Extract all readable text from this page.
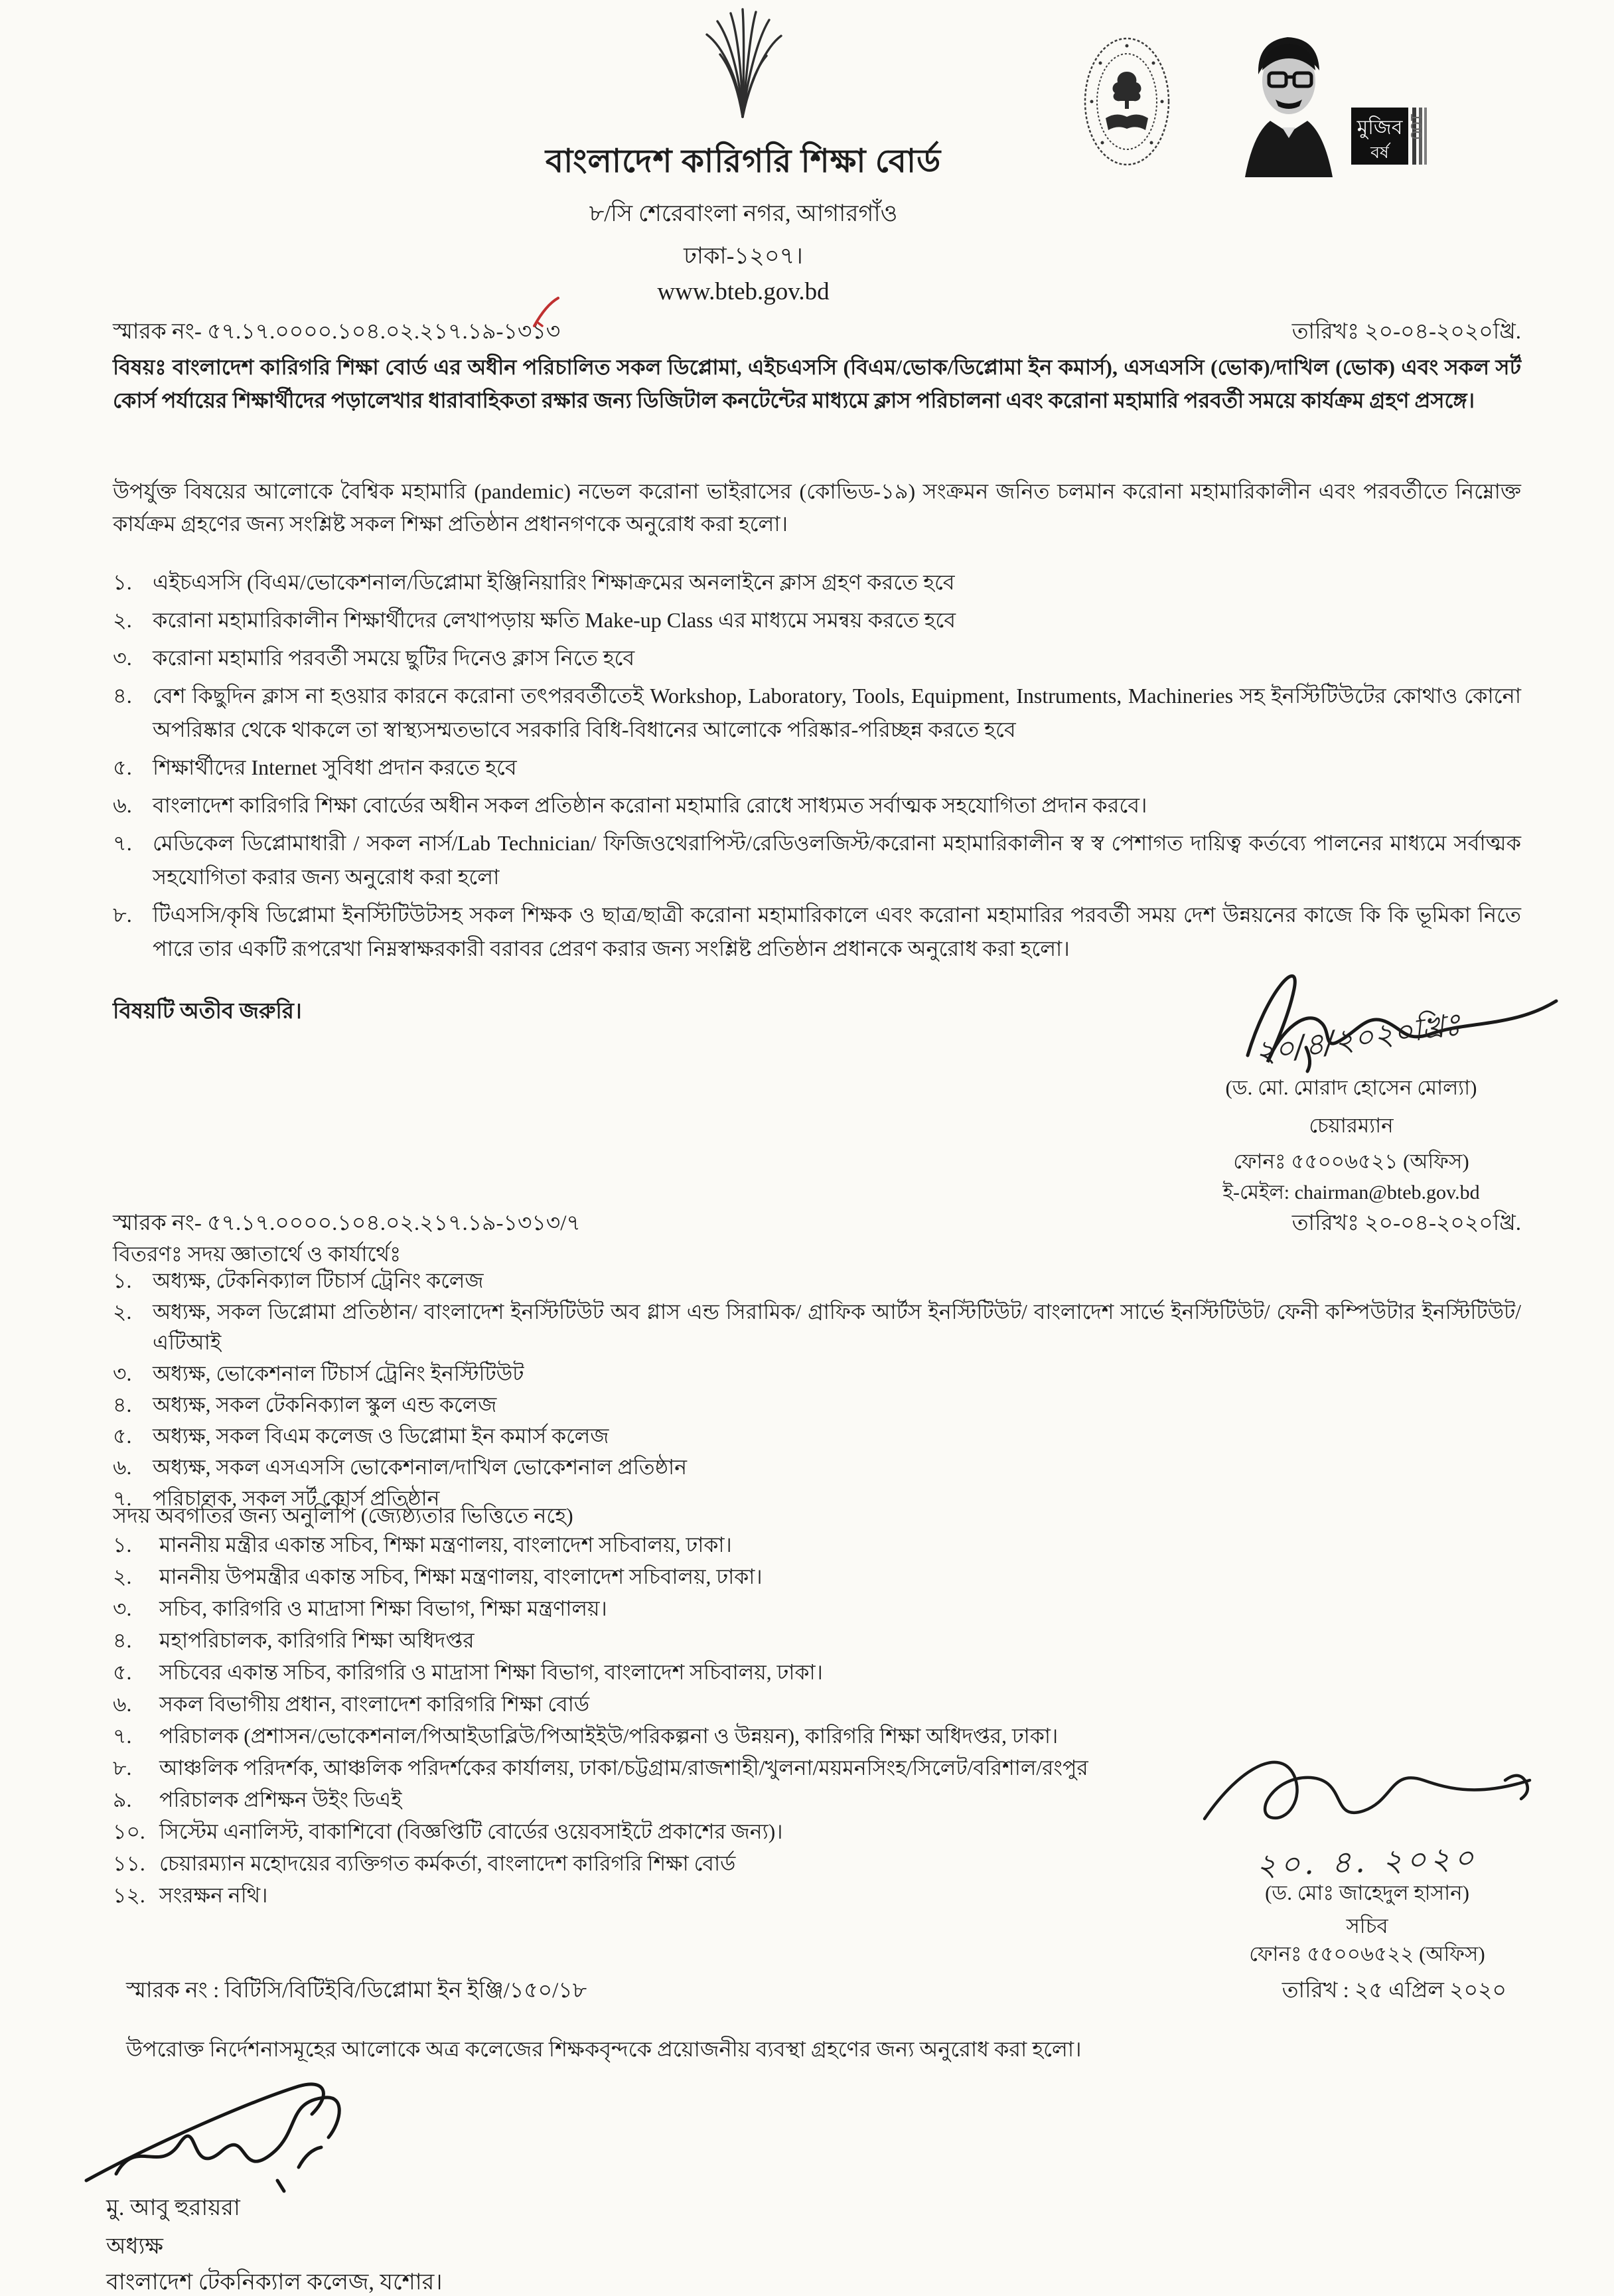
মুজিব
বর্ষ
100
বাংলাদেশ কারিগরি শিক্ষা বোর্ড
৮/সি শেরেবাংলা নগর, আগারগাঁও
ঢাকা-১২০৭।
www.bteb.gov.bd
স্মারক নং- ৫৭.১৭.০০০০.১০৪.০২.২১৭.১৯-১৩১৩	তারিখঃ ২০-০৪-২০২০খ্রি.
বিষয়ঃ বাংলাদেশ কারিগরি শিক্ষা বোর্ড এর অধীন পরিচালিত সকল ডিপ্লোমা, এইচএসসি (বিএম/ভোক/ডিপ্লোমা ইন কমার্স), এসএসসি (ভোক)/দাখিল (ভোক) এবং সকল সর্ট কোর্স পর্যায়ের শিক্ষার্থীদের পড়ালেখার ধারাবাহিকতা রক্ষার জন্য ডিজিটাল কনটেন্টের মাধ্যমে ক্লাস পরিচালনা এবং করোনা মহামারি পরবর্তী সময়ে কার্যক্রম গ্রহণ প্রসঙ্গে।
উপর্যুক্ত বিষয়ের আলোকে বৈশ্বিক মহামারি (pandemic) নভেল করোনা ভাইরাসের (কোভিড-১৯) সংক্রমন জনিত চলমান করোনা মহামারিকালীন এবং পরবর্তীতে নিম্নোক্ত কার্যক্রম গ্রহণের জন্য সংশ্লিষ্ট সকল শিক্ষা প্রতিষ্ঠান প্রধানগণকে অনুরোধ করা হলো।
১. এইচএসসি (বিএম/ভোকেশনাল/ডিপ্লোমা ইঞ্জিনিয়ারিং শিক্ষাক্রমের অনলাইনে ক্লাস গ্রহণ করতে হবে
২. করোনা মহামারিকালীন শিক্ষার্থীদের লেখাপড়ায় ক্ষতি Make-up Class এর মাধ্যমে সমন্বয় করতে হবে
৩. করোনা মহামারি পরবর্তী সময়ে ছুটির দিনেও ক্লাস নিতে হবে
৪. বেশ কিছুদিন ক্লাস না হওয়ার কারনে করোনা তৎপরবর্তীতেই Workshop, Laboratory, Tools, Equipment, Instruments, Machineries সহ ইনস্টিটিউটের কোথাও কোনো অপরিষ্কার থেকে থাকলে তা স্বাস্থ্যসম্মতভাবে সরকারি বিধি-বিধানের আলোকে পরিষ্কার-পরিচ্ছন্ন করতে হবে
৫. শিক্ষার্থীদের Internet সুবিধা প্রদান করতে হবে
৬. বাংলাদেশ কারিগরি শিক্ষা বোর্ডের অধীন সকল প্রতিষ্ঠান করোনা মহামারি রোধে সাধ্যমত সর্বাত্মক সহযোগিতা প্রদান করবে।
৭. মেডিকেল ডিপ্লোমাধারী / সকল নার্স/Lab Technician/ ফিজিওথেরাপিস্ট/রেডিওলজিস্ট/করোনা মহামারিকালীন স্ব স্ব পেশাগত দায়িত্ব কর্তব্যে পালনের মাধ্যমে সর্বাত্মক সহযোগিতা করার জন্য অনুরোধ করা হলো
৮. টিএসসি/কৃষি ডিপ্লোমা ইনস্টিটিউটসহ সকল শিক্ষক ও ছাত্র/ছাত্রী করোনা মহামারিকালে এবং করোনা মহামারির পরবর্তী সময় দেশ উন্নয়নের কাজে কি কি ভূমিকা নিতে পারে তার একটি রূপরেখা নিম্নস্বাক্ষরকারী বরাবর প্রেরণ করার জন্য সংশ্লিষ্ট প্রতিষ্ঠান প্রধানকে অনুরোধ করা হলো।
বিষয়টি অতীব জরুরি।	২০/৪/২০২০খ্রিঃ
(ড. মো. মোরাদ হোসেন মোল্যা)
চেয়ারম্যান
ফোনঃ ৫৫০০৬৫২১ (অফিস)
ই-মেইল: chairman@bteb.gov.bd
স্মারক নং- ৫৭.১৭.০০০০.১০৪.০২.২১৭.১৯-১৩১৩/৭	তারিখঃ ২০-০৪-২০২০খ্রি.
বিতরণঃ সদয় জ্ঞাতার্থে ও কার্যার্থেঃ
১.	অধ্যক্ষ, টেকনিক্যাল টিচার্স ট্রেনিং কলেজ
২.	অধ্যক্ষ, সকল ডিপ্লোমা প্রতিষ্ঠান/ বাংলাদেশ ইনস্টিটিউট অব গ্লাস এন্ড সিরামিক/ গ্রাফিক আর্টস ইনস্টিটিউট/ বাংলাদেশ সার্ভে ইনস্টিটিউট/ ফেনী কম্পিউটার ইনস্টিটিউট/ এটিআই
৩.	অধ্যক্ষ, ভোকেশনাল টিচার্স ট্রেনিং ইনস্টিটিউট
৪.	অধ্যক্ষ, সকল টেকনিক্যাল স্কুল এন্ড কলেজ
৫.	অধ্যক্ষ, সকল বিএম কলেজ ও ডিপ্লোমা ইন কমার্স কলেজ
৬.	অধ্যক্ষ, সকল এসএসসি ভোকেশনাল/দাখিল ভোকেশনাল প্রতিষ্ঠান
৭.	পরিচালক, সকল সর্ট কোর্স প্রতিষ্ঠান
সদয় অবগতির জন্য অনুলিপি (জ্যেষ্ঠ্যতার ভিত্তিতে নহে)
১.	মাননীয় মন্ত্রীর একান্ত সচিব, শিক্ষা মন্ত্রণালয়, বাংলাদেশ সচিবালয়, ঢাকা।
২.	মাননীয় উপমন্ত্রীর একান্ত সচিব, শিক্ষা মন্ত্রণালয়, বাংলাদেশ সচিবালয়, ঢাকা।
৩.	সচিব, কারিগরি ও মাদ্রাসা শিক্ষা বিভাগ, শিক্ষা মন্ত্রণালয়।
৪.	মহাপরিচালক, কারিগরি শিক্ষা অধিদপ্তর
৫.	সচিবের একান্ত সচিব, কারিগরি ও মাদ্রাসা শিক্ষা বিভাগ, বাংলাদেশ সচিবালয়, ঢাকা।
৬.	সকল বিভাগীয় প্রধান, বাংলাদেশ কারিগরি শিক্ষা বোর্ড
৭.	পরিচালক (প্রশাসন/ভোকেশনাল/পিআইডাব্লিউ/পিআইইউ/পরিকল্পনা ও উন্নয়ন), কারিগরি শিক্ষা অধিদপ্তর, ঢাকা।
৮.	আঞ্চলিক পরিদর্শক, আঞ্চলিক পরিদর্শকের কার্যালয়, ঢাকা/চট্টগ্রাম/রাজশাহী/খুলনা/ময়মনসিংহ/সিলেট/বরিশাল/রংপুর
৯.	পরিচালক প্রশিক্ষন উইং ডিএই
১০. সিস্টেম এনালিস্ট, বাকাশিবো (বিজ্ঞপ্তিটি বোর্ডের ওয়েবসাইটে প্রকাশের জন্য)।
১১. চেয়ারম্যান মহোদয়ের ব্যক্তিগত কর্মকর্তা, বাংলাদেশ কারিগরি শিক্ষা বোর্ড
১২. সংরক্ষন নথি।
২০. ৪. ২০২০
(ড. মোঃ জাহেদুল হাসান)
সচিব
ফোনঃ ৫৫০০৬৫২২ (অফিস)
স্মারক নং : বিটিসি/বিটিইবি/ডিপ্লোমা ইন ইঞ্জি/১৫০/১৮	তারিখ : ২৫ এপ্রিল ২০২০
উপরোক্ত নির্দেশনাসমূহের আলোকে অত্র কলেজের শিক্ষকবৃন্দকে প্রয়োজনীয় ব্যবস্থা গ্রহণের জন্য অনুরোধ করা হলো।
মু. আবু হুরায়রা
অধ্যক্ষ
বাংলাদেশ টেকনিক্যাল কলেজ, যশোর।
